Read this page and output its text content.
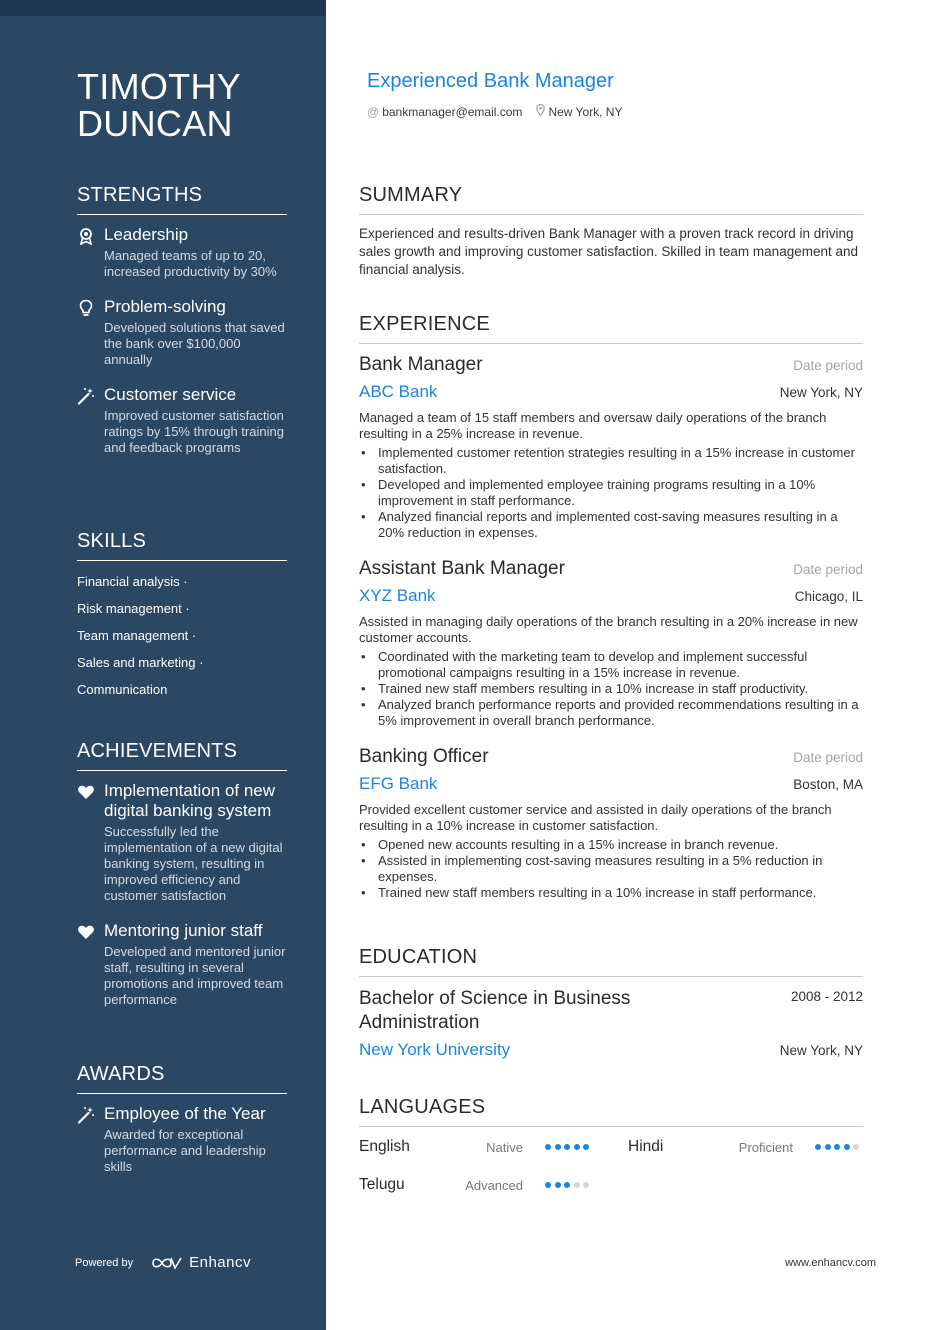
TIMOTHY DUNCAN
STRENGTHS
Leadership
Managed teams of up to 20, increased productivity by 30%
Problem-solving
Developed solutions that saved the bank over $100,000 annually
Customer service
Improved customer satisfaction ratings by 15% through training and feedback programs
SKILLS
Financial analysis ·
Risk management ·
Team management ·
Sales and marketing ·
Communication
ACHIEVEMENTS
Implementation of new digital banking system
Successfully led the implementation of a new digital banking system, resulting in improved efficiency and customer satisfaction
Mentoring junior staff
Developed and mentored junior staff, resulting in several promotions and improved team performance
AWARDS
Employee of the Year
Awarded for exceptional performance and leadership skills
Powered by	Enhancv
Experienced Bank Manager
@ bankmanager@email.com New York, NY
SUMMARY
Experienced and results-driven Bank Manager with a proven track record in driving sales growth and improving customer satisfaction. Skilled in team management and financial analysis.
EXPERIENCE
Bank Manager	Date period
ABC Bank	New York, NY
Managed a team of 15 staff members and oversaw daily operations of the branch resulting in a 25% increase in revenue.
• Implemented customer retention strategies resulting in a 15% increase in customer satisfaction.
• Developed and implemented employee training programs resulting in a 10% improvement in staff performance.
• Analyzed financial reports and implemented cost-saving measures resulting in a 20% reduction in expenses.
Assistant Bank Manager	Date period
XYZ Bank	Chicago, IL
Assisted in managing daily operations of the branch resulting in a 20% increase in new customer accounts.
• Coordinated with the marketing team to develop and implement successful promotional campaigns resulting in a 15% increase in revenue.
• Trained new staff members resulting in a 10% increase in staff productivity.
• Analyzed branch performance reports and provided recommendations resulting in a 5% improvement in overall branch performance.
Banking Officer	Date period
EFG Bank	Boston, MA
Provided excellent customer service and assisted in daily operations of the branch resulting in a 10% increase in customer satisfaction.
• Opened new accounts resulting in a 15% increase in branch revenue.
• Assisted in implementing cost-saving measures resulting in a 5% reduction in expenses.
• Trained new staff members resulting in a 10% increase in staff performance.
EDUCATION
Bachelor of Science in Business Administration
2008 - 2012
New York University	New York, NY
LANGUAGES
English	Native	Hindi	Proficient
Telugu	Advanced
www.enhancv.com
